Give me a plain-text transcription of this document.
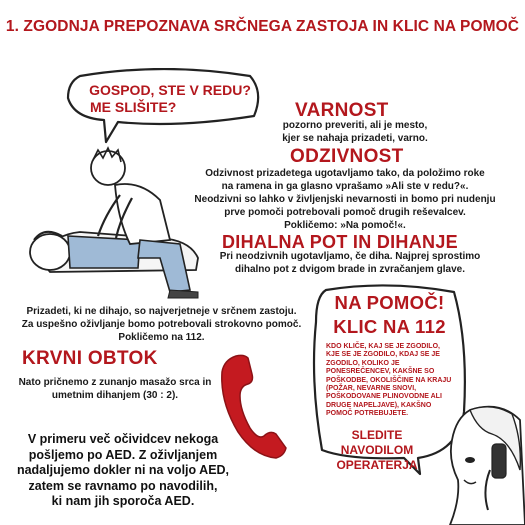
1. ZGODNJA PREPOZNAVA SRČNEGA ZASTOJA IN KLIC NA POMOČ
GOSPOD, STE V REDU?
ME SLIŠITE?	VARNOST
pozorno preveriti, ali je mesto,
kjer se nahaja prizadeti, varno.
ODZIVNOST
Odzivnost prizadetega ugotavljamo tako, da položimo roke
na ramena in ga glasno vprašamo »Ali ste v redu?«.
Neodzivni so lahko v življenjski nevarnosti in bomo pri nudenju
prve pomoči potrebovali pomoč drugih reševalcev.
Pokličemo: »Na pomoč!«.
DIHALNA POT IN DIHANJE
Pri neodzivnih ugotavljamo, če diha. Najprej sprostimo
dihalno pot z dvigom brade in zvračanjem glave.
Prizadeti, ki ne dihajo, so najverjetneje v srčnem zastoju.
Za uspešno oživljanje bomo potrebovali strokovno pomoč.
Pokličemo na 112.
KRVNI OBTOK
Nato pričnemo z zunanjo masažo srca in
umetnim dihanjem (30 : 2).
NA POMOČ!
KLIC NA 112
KDO KLIČE, KAJ SE JE ZGODILO,
KJE SE JE ZGODILO, KDAJ SE JE
ZGODILO, KOLIKO JE
PONESREČENCEV, KAKŠNE SO
POŠKODBE, OKOLIŠČINE NA KRAJU
(POŽAR, NEVARNE SNOVI,
POŠKODOVANE PLINOVODNE ALI
DRUGE NAPELJAVE), KAKŠNO
POMOČ POTREBUJETE.
SLEDITE
NAVODILOM
OPERATERJA
V primeru več očividcev nekoga
pošljemo po AED. Z oživljanjem
nadaljujemo dokler ni na voljo AED,
zatem se ravnamo po navodilih,
ki nam jih sporoča AED.
